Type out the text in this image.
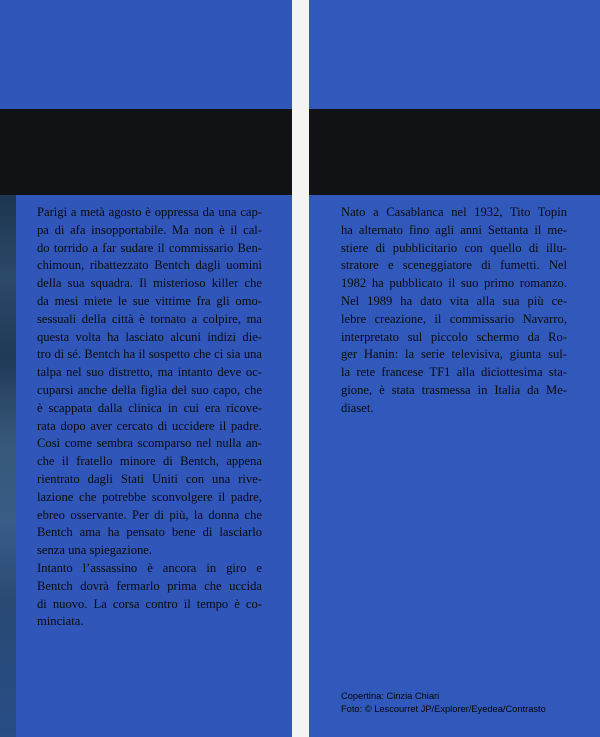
Parigi a metà agosto è oppressa da una cap-
pa di afa insopportabile. Ma non è il cal-
do torrido a far sudare il commissario Ben-
chimoun, ribattezzato Bentch dagli uomini
della sua squadra. Il misterioso killer che
da mesi miete le sue vittime fra gli omo-
sessuali della città è tornato a colpire, ma
questa volta ha lasciato alcuni indizi die-
tro di sé. Bentch ha il sospetto che ci sia una
talpa nel suo distretto, ma intanto deve oc-
cuparsi anche della figlia del suo capo, che
è scappata dalla clinica in cui era ricove-
rata dopo aver cercato di uccidere il padre.
Così come sembra scomparso nel nulla an-
che il fratello minore di Bentch, appena
rientrato dagli Stati Uniti con una rive-
lazione che potrebbe sconvolgere il padre,
ebreo osservante. Per di più, la donna che
Bentch ama ha pensato bene di lasciarlo
senza una spiegazione.
Intanto l’assassino è ancora in giro e
Bentch dovrà fermarlo prima che uccida
di nuovo. La corsa contro il tempo è co-
minciata.
Nato a Casablanca nel 1932, Tito Topin
ha alternato fino agli anni Settanta il me-
stiere di pubblicitario con quello di illu-
stratore e sceneggiatore di fumetti. Nel
1982 ha pubblicato il suo primo romanzo.
Nel 1989 ha dato vita alla sua più ce-
lebre creazione, il commissario Navarro,
interpretato sul piccolo schermo da Ro-
ger Hanin: la serie televisiva, giunta sul-
la rete francese TF1 alla diciottesima sta-
gione, è stata trasmessa in Italia da Me-
diaset.
Copertina: Cinzia Chiari
Foto: © Lescourret JP/Explorer/Eyedea/Contrasto
